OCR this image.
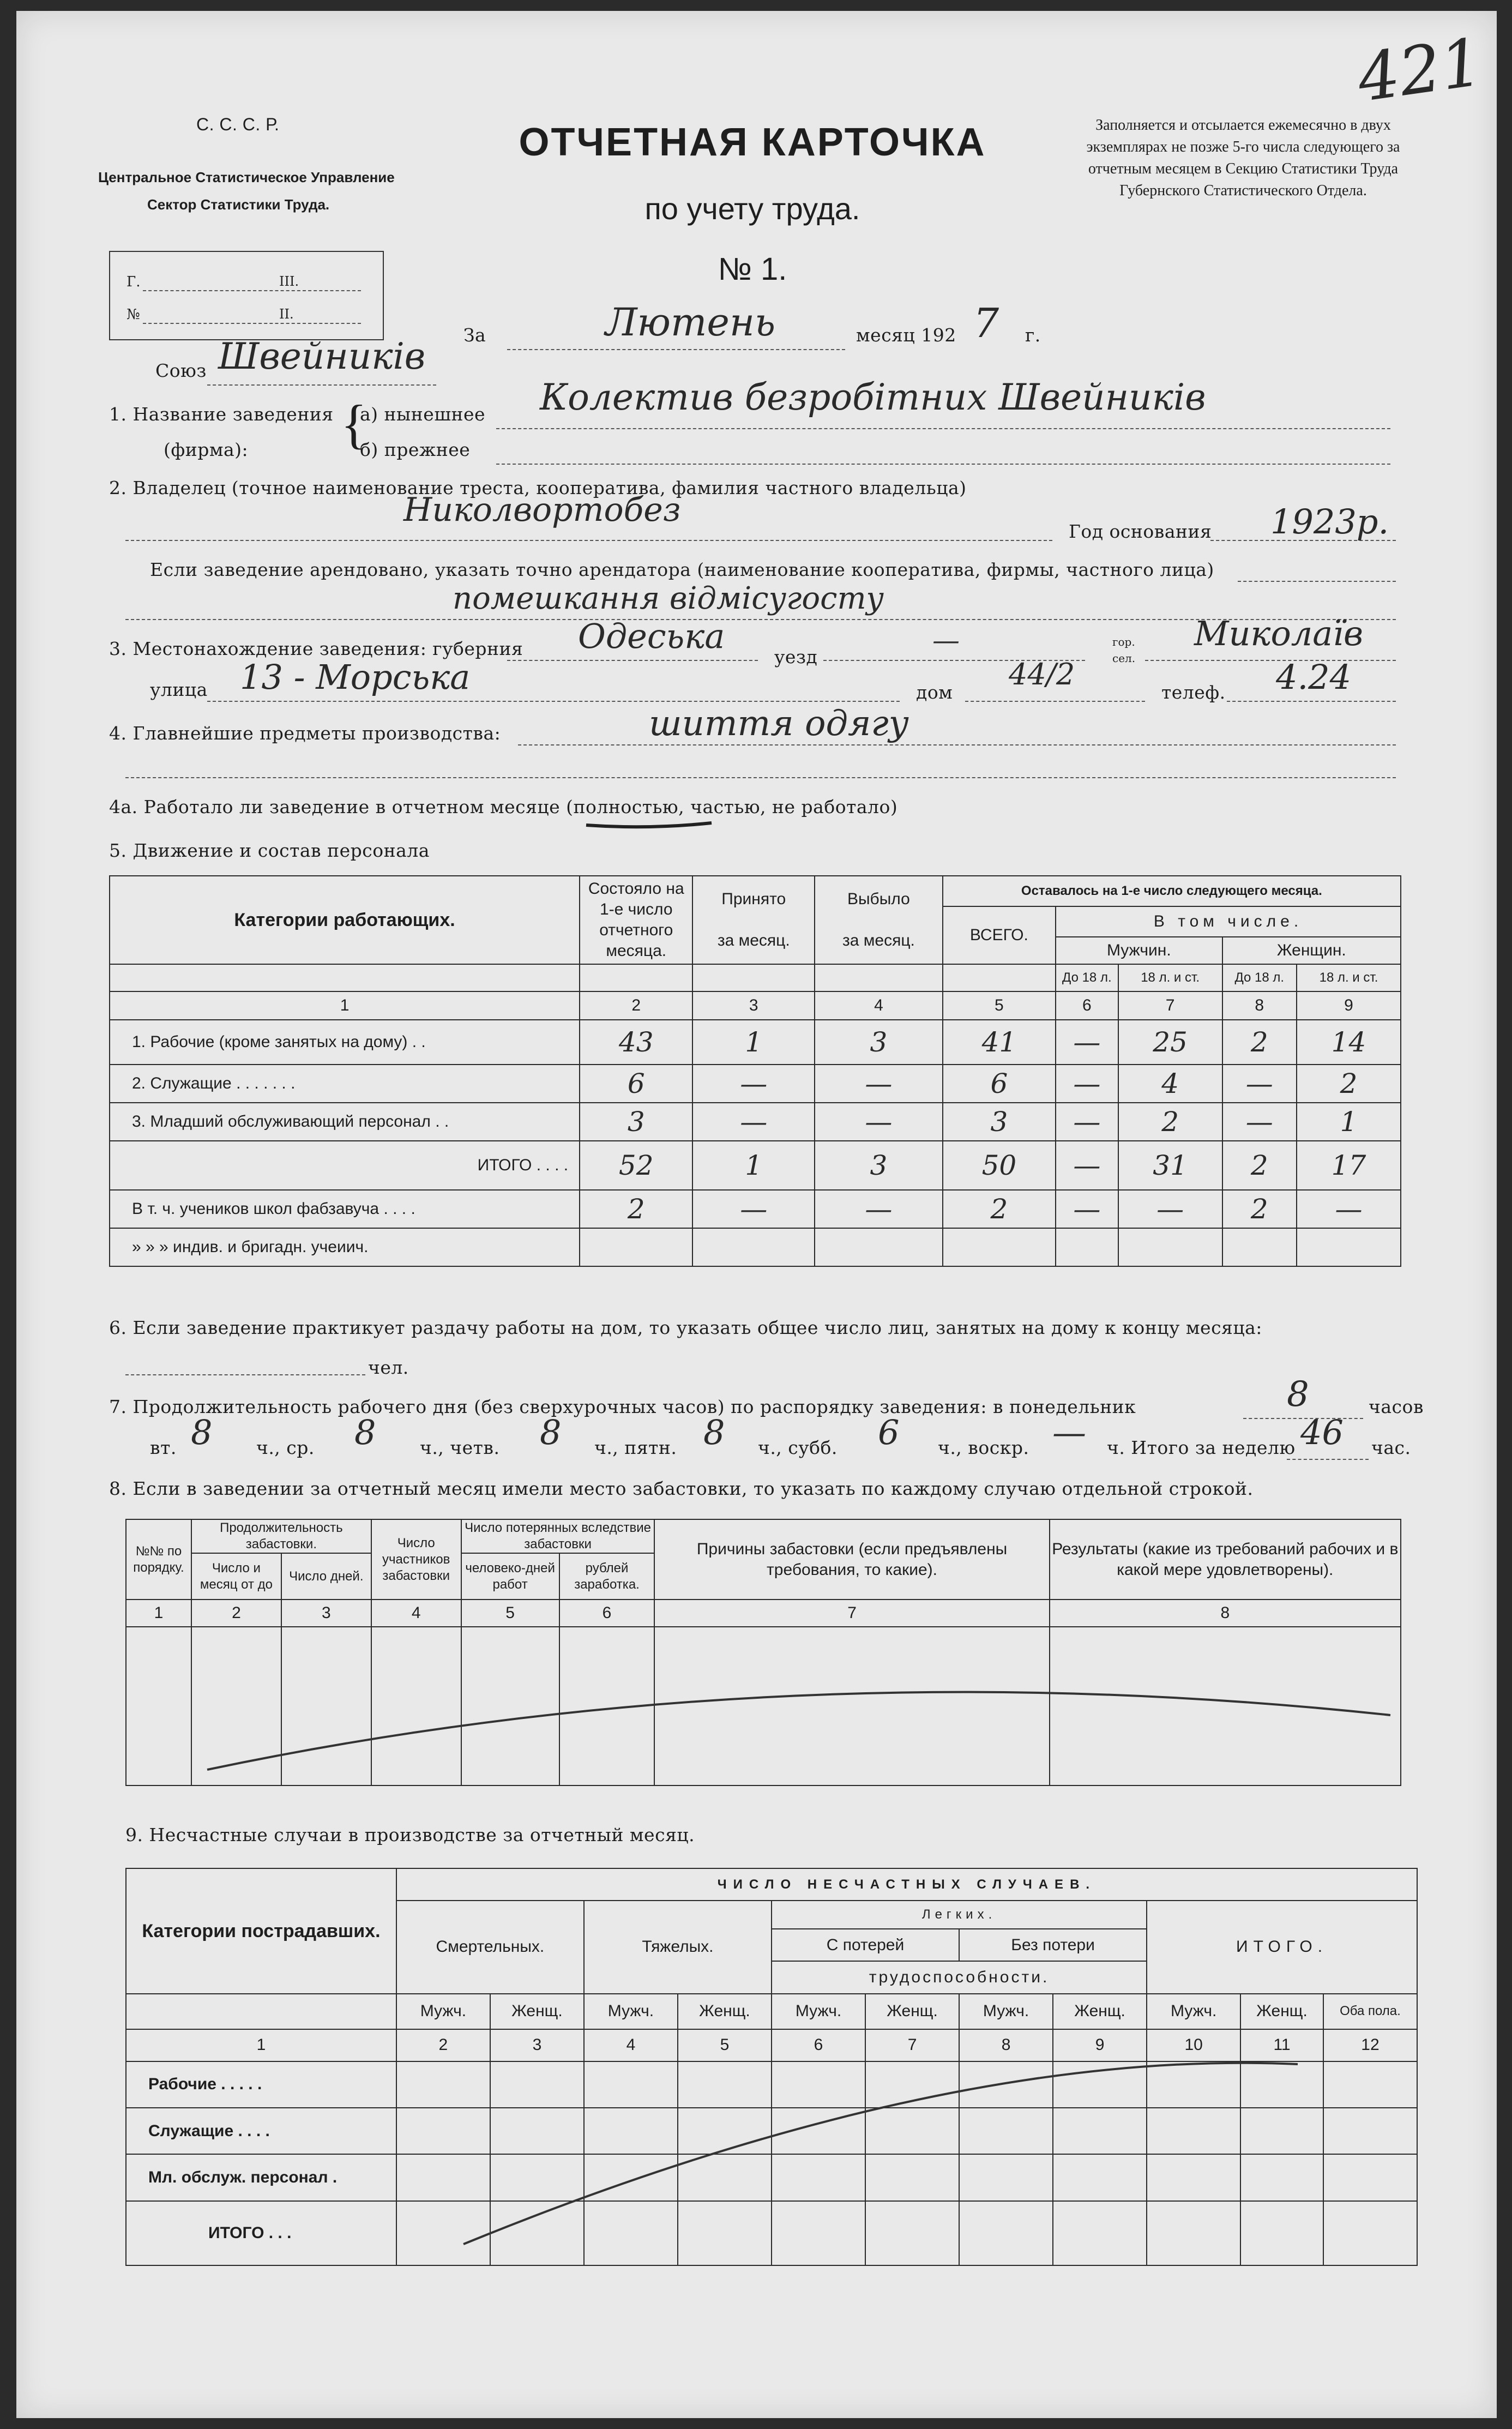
С. С. С. Р.
Центральное Статистическое Управление
Сектор Статистики Труда.
Г.	III.
№	II.
ОТЧЕТНАЯ КАРТОЧКА
по учету труда.
№ 1.
Заполняется и отсылается ежемесячно в двух экземплярах не позже 5-го числа следующего за отчетным месяцем в Секцию Статистики Труда Губернского Статистического Отдела.
421
За	Лютень	месяц 192 7 г.
Союз Швейників
1. Название заведения
(фирма): {
а) нынешнее Колектив безробітних Швейників
б) прежнее
2. Владелец (точное наименование треста, кооператива, фамилия частного владельца)
Николвортобез
Год основания 1923р.
Если заведение арендовано, указать точно арендатора (наименование кооператива, фирмы, частного лица)
помешкання відмісугосту
3. Местонахождение заведения: губерния Одеська
уезд
—	гор.
сел.
Миколаїв
улица 13 - Морська	дом
44/2
телеф. 4.24
4. Главнейшие предметы производства:	шиття одягу
4а. Работало ли заведение в отчетном месяце (полностью, частью, не работало)
5. Движение и состав персонала
Категории работающих.	Состояло на 1-е число отчетного месяца.	Принято

за месяц.	Выбыло

за месяц.	Оставалось на 1-е число следующего месяца.				
				ВСЕГО.	В том числе.			
					Мужчин.		Женщин.	
					До 18 л.	18 л. и ст.	До 18 л.	18 л. и ст.
1	2	3	4	5	6	7	8	9
1. Рабочие (кроме занятых на дому) . .	43	1	3	41	—	25	2	14
2. Служащие . . . . . . .	6	—	—	6	—	4	—	2
3. Младший обслуживающий персонал . .	3	—	—	3	—	2	—	1
ИТОГО . . . .	52	1	3	50	—	31	2	17
В т. ч. учеников школ фабзавуча . . . .	2	—	—	2	—	—	2	—
» » » индив. и бригадн. учеиич.								
6. Если заведение практикует раздачу работы на дом, то указать общее число лиц, занятых на дому к концу месяца:
чел.
7. Продолжительность рабочего дня (без сверхурочных часов) по распорядку заведения: в понедельник	8	часов
вт. 8 ч., ср. 8 ч., четв. 8 ч., пятн. 8 ч., субб. 6 ч., воскр. — ч. Итого за неделю 46 час.
8. Если в заведении за отчетный месяц имели место забастовки, то указать по каждому случаю отдельной строкой.
№№ по порядку.	Продолжительность забастовки.		Число участников забастовки	Число потерянных вследствие забастовки		Причины забастовки (если предъявлены требования, то какие).	Результаты (какие из требований рабочих и в какой мере удовлетворены).
	Число и месяц от до	Число дней.		человеко-дней работ	рублей заработка.		
1	2	3	4	5	6	7	8

9. Несчастные случаи в производстве за отчетный месяц.
Категории пострадавших.	ЧИСЛО НЕСЧАСТНЫХ СЛУЧАЕВ.										
	Смертельных.		Тяжелых.		Легких.				ИТОГО.		
					С потерей		Без потери				
					трудоспособности.						
	Мужч.	Женщ.	Мужч.	Женщ.	Мужч.	Женщ.	Мужч.	Женщ.	Мужч.	Женщ.	Оба пола.
1	2	3	4	5	6	7	8	9	10	11	12
Рабочие . . . . .											
Служащие . . . .											
Мл. обслуж. персонал .											
ИТОГО . . .											
